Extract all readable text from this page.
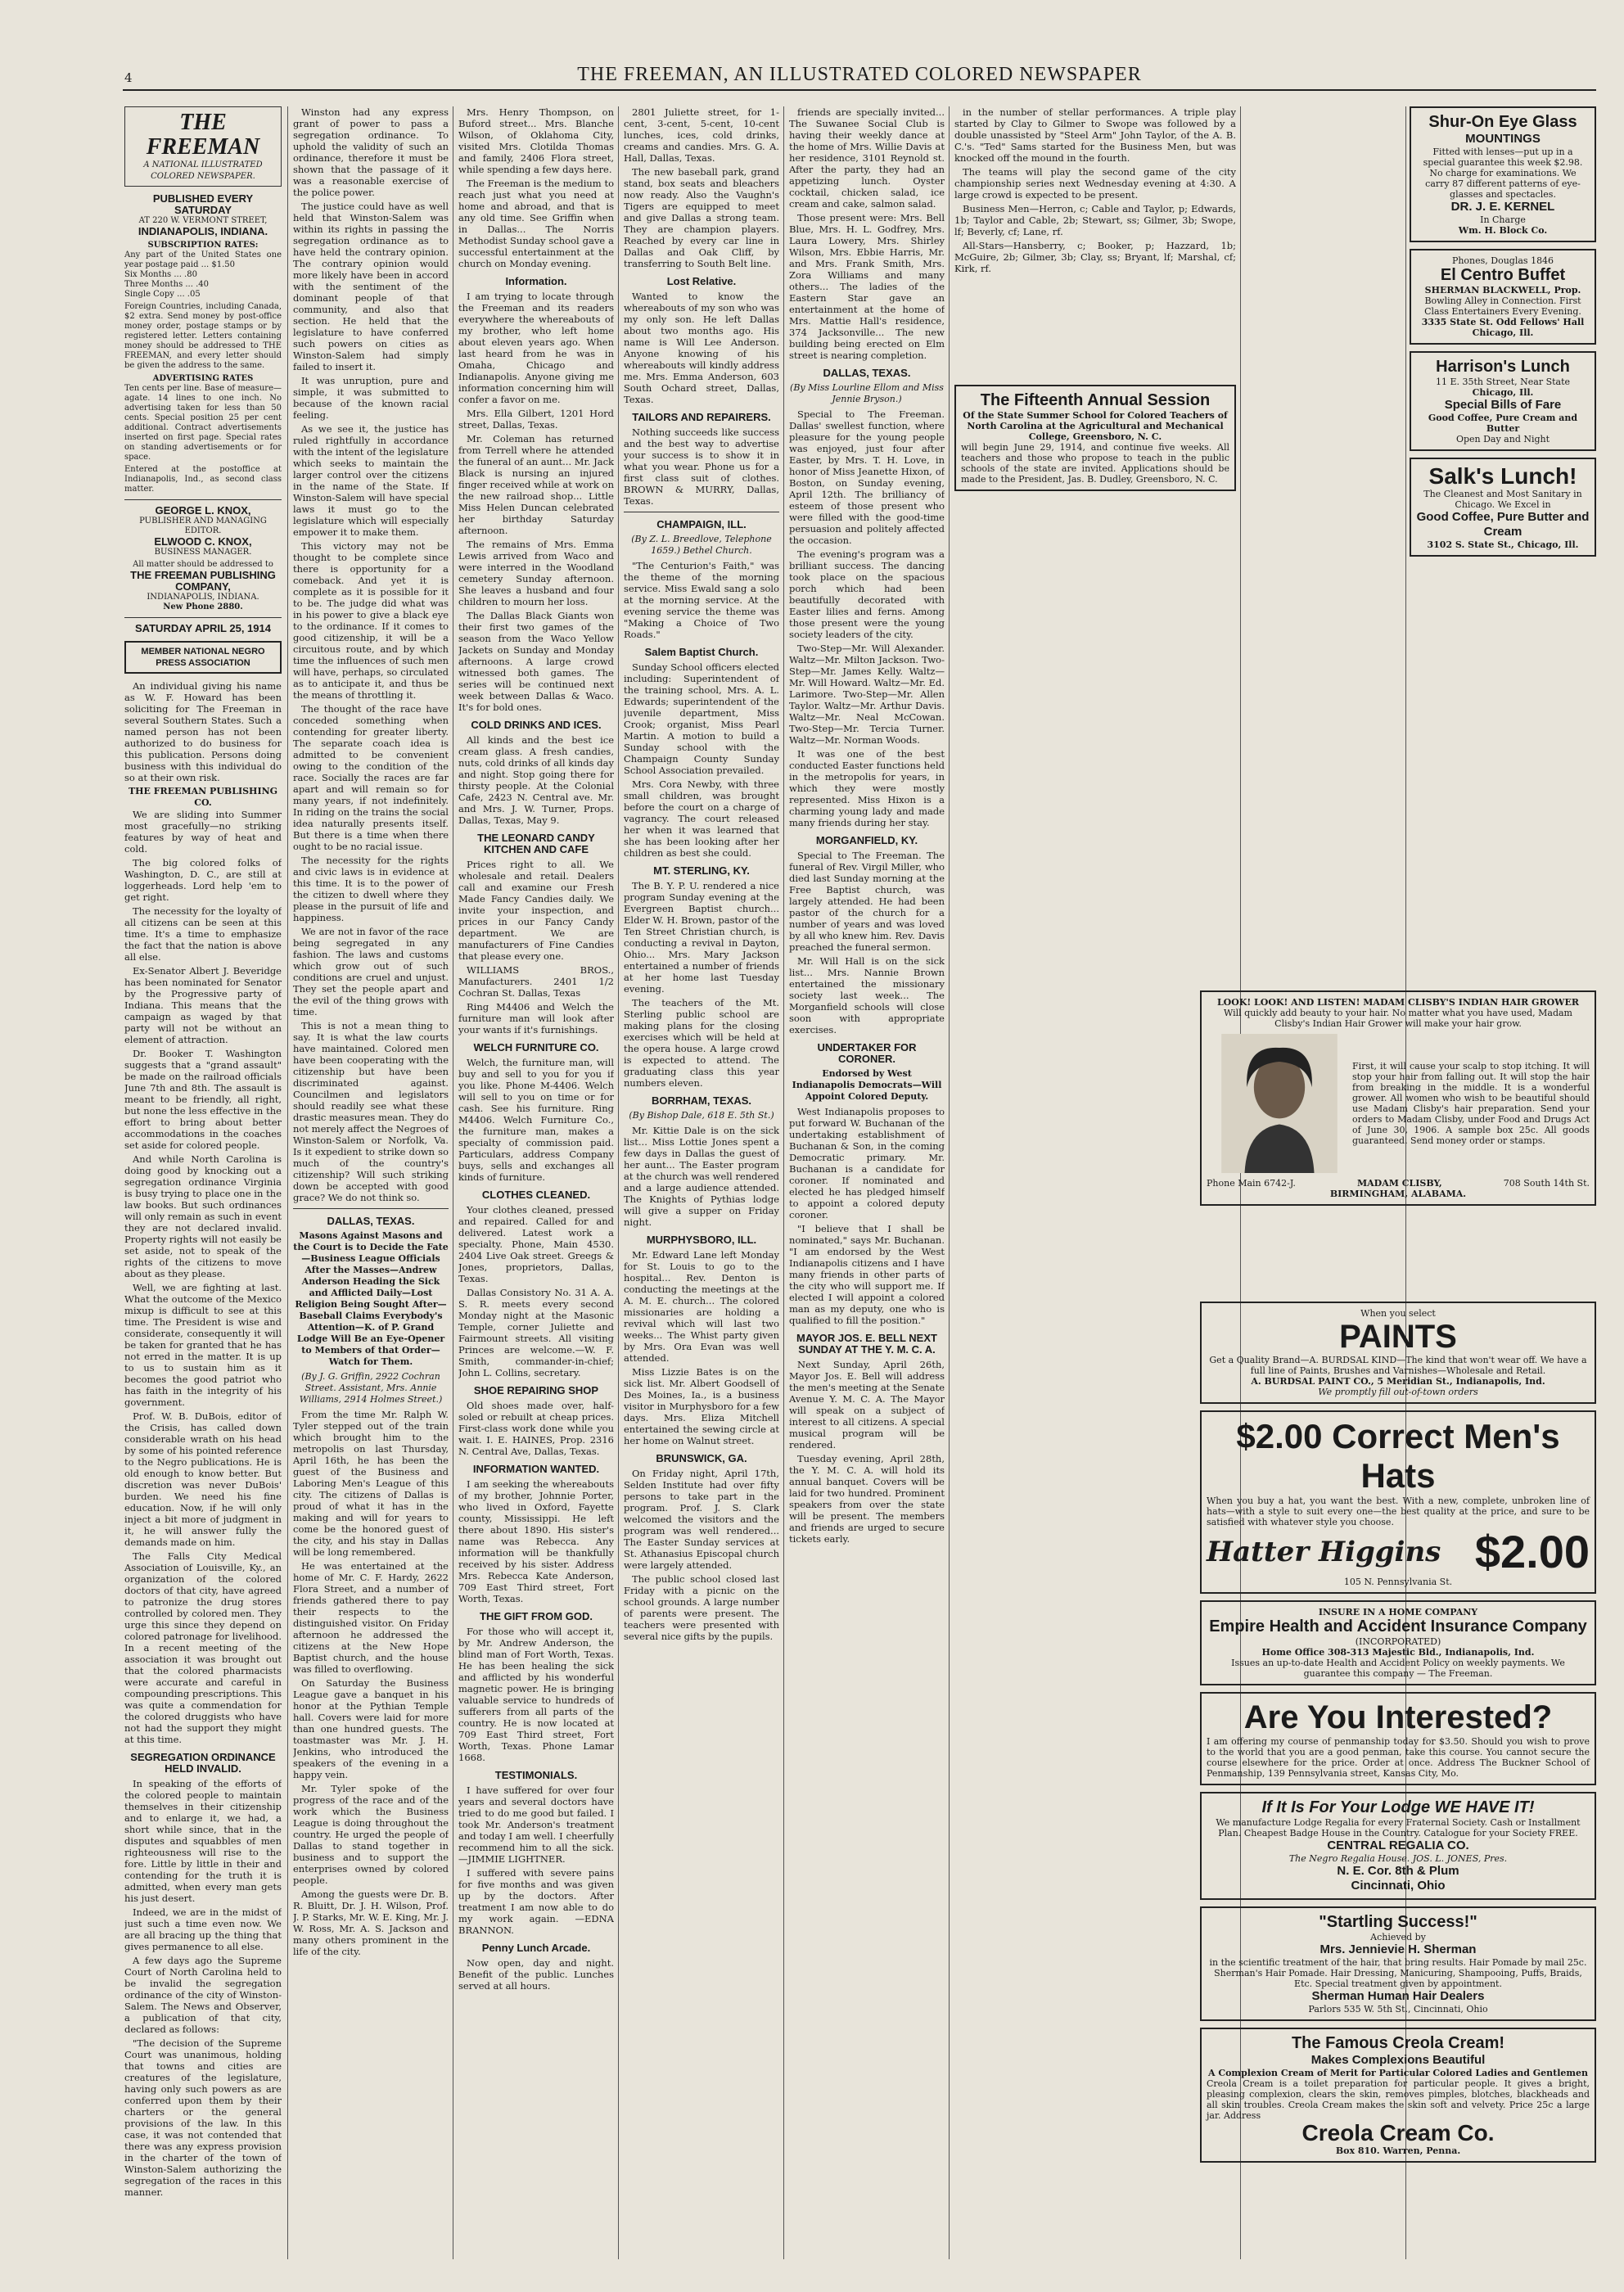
4	THE FREEMAN, AN ILLUSTRATED COLORED NEWSPAPER
THE FREEMAN
A NATIONAL ILLUSTRATED COLORED NEWSPAPER.
PUBLISHED EVERY SATURDAY
AT 220 W. VERMONT STREET,
INDIANAPOLIS, INDIANA.
SUBSCRIPTION RATES:
Any part of the United States one year postage paid ... $1.50
Six Months ... .80
Three Months ... .40
Single Copy ... .05
Foreign Countries, including Canada, $2 extra. Send money by post-office money order, postage stamps or by registered letter. Letters containing money should be addressed to THE FREEMAN, and every letter should be given the address to the same.
ADVERTISING RATES
Ten cents per line. Base of measure—agate. 14 lines to one inch. No advertising taken for less than 50 cents. Special position 25 per cent additional. Contract advertisements inserted on first page. Special rates on standing advertisements or for space.
Entered at the postoffice at Indianapolis, Ind., as second class matter.
GEORGE L. KNOX,
PUBLISHER AND MANAGING EDITOR.
ELWOOD C. KNOX,
BUSINESS MANAGER.
All matter should be addressed to
THE FREEMAN PUBLISHING COMPANY,
INDIANAPOLIS, INDIANA.
New Phone 2880.
SATURDAY APRIL 25, 1914
MEMBER NATIONAL NEGRO PRESS ASSOCIATION

An individual giving his name as W. F. Howard has been soliciting for The Freeman in several Southern States. Such a named person has not been authorized to do business for this publication. Persons doing business with this individual do so at their own risk.

THE FREEMAN PUBLISHING CO.

We are sliding into Summer most gracefully—no striking features by way of heat and cold.

The big colored folks of Washington, D. C., are still at loggerheads. Lord help 'em to get right.

The necessity for the loyalty of all citizens can be seen at this time. It's a time to emphasize the fact that the nation is above all else.

Ex-Senator Albert J. Beveridge has been nominated for Senator by the Progressive party of Indiana. This means that the campaign as waged by that party will not be without an element of attraction.

Dr. Booker T. Washington suggests that a "grand assault" be made on the railroad officials June 7th and 8th. The assault is meant to be friendly, all right, but none the less effective in the effort to bring about better accommodations in the coaches set aside for colored people.

And while North Carolina is doing good by knocking out a segregation ordinance Virginia is busy trying to place one in the law books. But such ordinances will only remain as such in event they are not declared invalid. Property rights will not easily be set aside, not to speak of the rights of the citizens to move about as they please.

Well, we are fighting at last. What the outcome of the Mexico mixup is difficult to see at this time. The President is wise and considerate, consequently it will be taken for granted that he has not erred in the matter. It is up to us to sustain him as it becomes the good patriot who has faith in the integrity of his government.

Prof. W. B. DuBois, editor of the Crisis, has called down considerable wrath on his head by some of his pointed reference to the Negro publications. He is old enough to know better. But discretion was never DuBois' burden. We need his fine education. Now, if he will only inject a bit more of judgment in it, he will answer fully the demands made on him.

The Falls City Medical Association of Louisville, Ky., an organization of the colored doctors of that city, have agreed to patronize the drug stores controlled by colored men. They urge this since they depend on colored patronage for livelihood. In a recent meeting of the association it was brought out that the colored pharmacists were accurate and careful in compounding prescriptions. This was quite a commendation for the colored druggists who have not had the support they might at this time.

SEGREGATION ORDINANCE HELD INVALID.

In speaking of the efforts of the colored people to maintain themselves in their citizenship and to enlarge it, we had, a short while since, that in the disputes and squabbles of men righteousness will rise to the fore. Little by little in their and contending for the truth it is admitted, when every man gets his just desert.

Indeed, we are in the midst of just such a time even now. We are all bracing up the thing that gives permanence to all else.

A few days ago the Supreme Court of North Carolina held to be invalid the segregation ordinance of the city of Winston-Salem. The News and Observer, a publication of that city, declared as follows:

"The decision of the Supreme Court was unanimous, holding that towns and cities are creatures of the legislature, having only such powers as are conferred upon them by their charters or the general provisions of the law. In this case, it was not contended that there was any express provision in the charter of the town of Winston-Salem authorizing the segregation of the races in this manner.

Winston had any express grant of power to pass a segregation ordinance. To uphold the validity of such an ordinance, therefore it must be shown that the passage of it was a reasonable exercise of the police power.

The justice could have as well held that Winston-Salem was within its rights in passing the segregation ordinance as to have held the contrary opinion. The contrary opinion would more likely have been in accord with the sentiment of the dominant people of that community, and also that section. He held that the legislature to have conferred such powers on cities as Winston-Salem had simply failed to insert it.

It was unruption, pure and simple, it was submitted to because of the known racial feeling.

As we see it, the justice has ruled rightfully in accordance with the intent of the legislature which seeks to maintain the larger control over the citizens in the name of the State. If Winston-Salem will have special laws it must go to the legislature which will especially empower it to make them.

This victory may not be thought to be complete since there is opportunity for a comeback. And yet it is complete as it is possible for it to be. The judge did what was in his power to give a black eye to the ordinance. If it comes to good citizenship, it will be a circuitous route, and by which time the influences of such men will have, perhaps, so circulated as to anticipate it, and thus be the means of throttling it.

The thought of the race have conceded something when contending for greater liberty. The separate coach idea is admitted to be convenient owing to the condition of the race. Socially the races are far apart and will remain so for many years, if not indefinitely. In riding on the trains the social idea naturally presents itself. But there is a time when there ought to be no racial issue.

The necessity for the rights and civic laws is in evidence at this time. It is to the power of the citizen to dwell where they please in the pursuit of life and happiness.

We are not in favor of the race being segregated in any fashion. The laws and customs which grow out of such conditions are cruel and unjust. They set the people apart and the evil of the thing grows with time.

This is not a mean thing to say. It is what the law courts have maintained. Colored men have been cooperating with the citizenship but have been discriminated against. Councilmen and legislators should readily see what these drastic measures mean. They do not merely affect the Negroes of Winston-Salem or Norfolk, Va. Is it expedient to strike down so much of the country's citizenship? Will such striking down be accepted with good grace? We do not think so.

DALLAS, TEXAS.
Masons Against Masons and the Court is to Decide the Fate—Business League Officials After the Masses—Andrew Anderson Heading the Sick and Afflicted Daily—Lost Religion Being Sought After—Baseball Claims Everybody's Attention—K. of P. Grand Lodge Will Be an Eye-Opener to Members of that Order—Watch for Them.
(By J. G. Griffin, 2922 Cochran Street. Assistant, Mrs. Annie Williams, 2914 Holmes Street.)

From the time Mr. Ralph W. Tyler stepped out of the train which brought him to the metropolis on last Thursday, April 16th, he has been the guest of the Business and Laboring Men's League of this city. The citizens of Dallas is proud of what it has in the making and will for years to come be the honored guest of the city, and his stay in Dallas will be long remembered.

He was entertained at the home of Mr. C. F. Hardy, 2622 Flora Street, and a number of friends gathered there to pay their respects to the distinguished visitor. On Friday afternoon he addressed the citizens at the New Hope Baptist church, and the house was filled to overflowing.

On Saturday the Business League gave a banquet in his honor at the Pythian Temple hall. Covers were laid for more than one hundred guests. The toastmaster was Mr. J. H. Jenkins, who introduced the speakers of the evening in a happy vein.

Mr. Tyler spoke of the progress of the race and of the work which the Business League is doing throughout the country. He urged the people of Dallas to stand together in business and to support the enterprises owned by colored people.

Among the guests were Dr. B. R. Bluitt, Dr. J. H. Wilson, Prof. J. P. Starks, Mr. W. E. King, Mr. J. W. Ross, Mr. A. S. Jackson and many others prominent in the life of the city.

Mrs. Henry Thompson, on Buford street... Mrs. Blanche Wilson, of Oklahoma City, visited Mrs. Clotilda Thomas and family, 2406 Flora street, while spending a few days here.

The Freeman is the medium to reach just what you need at home and abroad, and that is any old time. See Griffin when in Dallas... The Norris Methodist Sunday school gave a successful entertainment at the church on Monday evening.

Information.

I am trying to locate through the Freeman and its readers everywhere the whereabouts of my brother, who left home about eleven years ago. When last heard from he was in Omaha, Chicago and Indianapolis. Anyone giving me information concerning him will confer a favor on me.

Mrs. Ella Gilbert, 1201 Hord street, Dallas, Texas.

Mr. Coleman has returned from Terrell where he attended the funeral of an aunt... Mr. Jack Black is nursing an injured finger received while at work on the new railroad shop... Little Miss Helen Duncan celebrated her birthday Saturday afternoon.

The remains of Mrs. Emma Lewis arrived from Waco and were interred in the Woodland cemetery Sunday afternoon. She leaves a husband and four children to mourn her loss.

The Dallas Black Giants won their first two games of the season from the Waco Yellow Jackets on Sunday and Monday afternoons. A large crowd witnessed both games. The series will be continued next week between Dallas & Waco. It's for bold ones.

COLD DRINKS AND ICES.

All kinds and the best ice cream glass. A fresh candies, nuts, cold drinks of all kinds day and night. Stop going there for thirsty people. At the Colonial Cafe, 2423 N. Central ave. Mr. and Mrs. J. W. Turner, Props. Dallas, Texas, May 9.

THE LEONARD CANDY KITCHEN AND CAFE

Prices right to all. We wholesale and retail. Dealers call and examine our Fresh Made Fancy Candies daily. We invite your inspection, and prices in our Fancy Candy department. We are manufacturers of Fine Candies that please every one.

WILLIAMS BROS., Manufacturers. 2401 1/2 Cochran St. Dallas, Texas

Ring M4406 and Welch the furniture man will look after your wants if it's furnishings.

WELCH FURNITURE CO.

Welch, the furniture man, will buy and sell to you for you if you like. Phone M-4406. Welch will sell to you on time or for cash. See his furniture. Ring M4406. Welch Furniture Co., the furniture man, makes a specialty of commission paid. Particulars, address Company buys, sells and exchanges all kinds of furniture.

CLOTHES CLEANED.

Your clothes cleaned, pressed and repaired. Called for and delivered. Latest work a specialty. Phone, Main 4530. 2404 Live Oak street. Greegs & Jones, proprietors, Dallas, Texas.

Dallas Consistory No. 31 A. A. S. R. meets every second Monday night at the Masonic Temple, corner Juliette and Fairmount streets. All visiting Princes are welcome.—W. F. Smith, commander-in-chief; John L. Collins, secretary.

SHOE REPAIRING SHOP

Old shoes made over, half-soled or rebuilt at cheap prices. First-class work done while you wait. I. E. HAINES, Prop. 2316 N. Central Ave, Dallas, Texas.

INFORMATION WANTED.

I am seeking the whereabouts of my brother, Johnnie Porter, who lived in Oxford, Fayette county, Mississippi. He left there about 1890. His sister's name was Rebecca. Any information will be thankfully received by his sister. Address Mrs. Rebecca Kate Anderson, 709 East Third street, Fort Worth, Texas.

THE GIFT FROM GOD.

For those who will accept it, by Mr. Andrew Anderson, the blind man of Fort Worth, Texas. He has been healing the sick and afflicted by his wonderful magnetic power. He is bringing valuable service to hundreds of sufferers from all parts of the country. He is now located at 709 East Third street, Fort Worth, Texas. Phone Lamar 1668.

TESTIMONIALS.

I have suffered for over four years and several doctors have tried to do me good but failed. I took Mr. Anderson's treatment and today I am well. I cheerfully recommend him to all the sick. —JIMMIE LIGHTNER.

I suffered with severe pains for five months and was given up by the doctors. After treatment I am now able to do my work again. —EDNA BRANNON.

Penny Lunch Arcade.

Now open, day and night. Benefit of the public. Lunches served at all hours.

2801 Juliette street, for 1-cent, 3-cent, 5-cent, 10-cent lunches, ices, cold drinks, creams and candies. Mrs. G. A. Hall, Dallas, Texas.

The new baseball park, grand stand, box seats and bleachers now ready. Also the Vaughn's Tigers are equipped to meet and give Dallas a strong team. They are champion players. Reached by every car line in Dallas and Oak Cliff, by transferring to South Belt line.

Lost Relative.

Wanted to know the whereabouts of my son who was my only son. He left Dallas about two months ago. His name is Will Lee Anderson. Anyone knowing of his whereabouts will kindly address me. Mrs. Emma Anderson, 603 South Ochard street, Dallas, Texas.

TAILORS AND REPAIRERS.

Nothing succeeds like success and the best way to advertise your success is to show it in what you wear. Phone us for a first class suit of clothes. BROWN & MURRY, Dallas, Texas.

CHAMPAIGN, ILL.
(By Z. L. Breedlove, Telephone 1659.) Bethel Church.

"The Centurion's Faith," was the theme of the morning service. Miss Ewald sang a solo at the morning service. At the evening service the theme was "Making a Choice of Two Roads."

Salem Baptist Church.

Sunday School officers elected including: Superintendent of the training school, Mrs. A. L. Edwards; superintendent of the juvenile department, Miss Crook; organist, Miss Pearl Martin. A motion to build a Sunday school with the Champaign County Sunday School Association prevailed.

Mrs. Cora Newby, with three small children, was brought before the court on a charge of vagrancy. The court released her when it was learned that she has been looking after her children as best she could.

MT. STERLING, KY.

The B. Y. P. U. rendered a nice program Sunday evening at the Evergreen Baptist church... Elder W. H. Brown, pastor of the Ten Street Christian church, is conducting a revival in Dayton, Ohio... Mrs. Mary Jackson entertained a number of friends at her home last Tuesday evening.

The teachers of the Mt. Sterling public school are making plans for the closing exercises which will be held at the opera house. A large crowd is expected to attend. The graduating class this year numbers eleven.

BORRHAM, TEXAS.
(By Bishop Dale, 618 E. 5th St.)

Mr. Kittie Dale is on the sick list... Miss Lottie Jones spent a few days in Dallas the guest of her aunt... The Easter program at the church was well rendered and a large audience attended. The Knights of Pythias lodge will give a supper on Friday night.

MURPHYSBORO, ILL.

Mr. Edward Lane left Monday for St. Louis to go to the hospital... Rev. Denton is conducting the meetings at the A. M. E. church... The colored missionaries are holding a revival which will last two weeks... The Whist party given by Mrs. Ora Evan was well attended.

Miss Lizzie Bates is on the sick list. Mr. Albert Goodsell of Des Moines, Ia., is a business visitor in Murphysboro for a few days. Mrs. Eliza Mitchell entertained the sewing circle at her home on Walnut street.

BRUNSWICK, GA.

On Friday night, April 17th, Selden Institute had over fifty persons to take part in the program. Prof. J. S. Clark welcomed the visitors and the program was well rendered... The Easter Sunday services at St. Athanasius Episcopal church were largely attended.

The public school closed last Friday with a picnic on the school grounds. A large number of parents were present. The teachers were presented with several nice gifts by the pupils.

friends are specially invited... The Suwanee Social Club is having their weekly dance at the home of Mrs. Willie Davis at her residence, 3101 Reynold st. After the party, they had an appetizing lunch. Oyster cocktail, chicken salad, ice cream and cake, salmon salad.

Those present were: Mrs. Bell Blue, Mrs. H. L. Godfrey, Mrs. Laura Lowery, Mrs. Shirley Wilson, Mrs. Ebbie Harris, Mr. and Mrs. Frank Smith, Mrs. Zora Williams and many others... The ladies of the Eastern Star gave an entertainment at the home of Mrs. Mattie Hall's residence, 374 Jacksonville... The new building being erected on Elm street is nearing completion.

DALLAS, TEXAS.
(By Miss Lourline Ellom and Miss Jennie Bryson.)

Special to The Freeman. Dallas' swellest function, where pleasure for the young people was enjoyed, just four after Easter, by Mrs. T. H. Love, in honor of Miss Jeanette Hixon, of Boston, on Sunday evening, April 12th. The brilliancy of esteem of those present who were filled with the good-time persuasion and politely affected the occasion.

The evening's program was a brilliant success. The dancing took place on the spacious porch which had been beautifully decorated with Easter lilies and ferns. Among those present were the young society leaders of the city.

Two-Step—Mr. Will Alexander. Waltz—Mr. Milton Jackson. Two-Step—Mr. James Kelly. Waltz—Mr. Will Howard. Waltz—Mr. Ed. Larimore. Two-Step—Mr. Allen Taylor. Waltz—Mr. Arthur Davis. Waltz—Mr. Neal McCowan. Two-Step—Mr. Tercia Turner. Waltz—Mr. Norman Woods.

It was one of the best conducted Easter functions held in the metropolis for years, in which they were mostly represented. Miss Hixon is a charming young lady and made many friends during her stay.

MORGANFIELD, KY.

Special to The Freeman. The funeral of Rev. Virgil Miller, who died last Sunday morning at the Free Baptist church, was largely attended. He had been pastor of the church for a number of years and was loved by all who knew him. Rev. Davis preached the funeral sermon.

Mr. Will Hall is on the sick list... Mrs. Nannie Brown entertained the missionary society last week... The Morganfield schools will close soon with appropriate exercises.

UNDERTAKER FOR CORONER.
Endorsed by West Indianapolis Democrats—Will Appoint Colored Deputy.

West Indianapolis proposes to put forward W. Buchanan of the undertaking establishment of Buchanan & Son, in the coming Democratic primary. Mr. Buchanan is a candidate for coroner. If nominated and elected he has pledged himself to appoint a colored deputy coroner.

"I believe that I shall be nominated," says Mr. Buchanan. "I am endorsed by the West Indianapolis citizens and I have many friends in other parts of the city who will support me. If elected I will appoint a colored man as my deputy, one who is qualified to fill the position."

MAYOR JOS. E. BELL NEXT SUNDAY AT THE Y. M. C. A.

Next Sunday, April 26th, Mayor Jos. E. Bell will address the men's meeting at the Senate Avenue Y. M. C. A. The Mayor will speak on a subject of interest to all citizens. A special musical program will be rendered.

Tuesday evening, April 28th, the Y. M. C. A. will hold its annual banquet. Covers will be laid for two hundred. Prominent speakers from over the state will be present. The members and friends are urged to secure tickets early.

in the number of stellar performances. A triple play started by Clay to Gilmer to Swope was followed by a double unassisted by "Steel Arm" John Taylor, of the A. B. C.'s. "Ted" Sams started for the Business Men, but was knocked off the mound in the fourth.

The teams will play the second game of the city championship series next Wednesday evening at 4:30. A large crowd is expected to be present.

Business Men—Herron, c; Cable and Taylor, p; Edwards, 1b; Taylor and Cable, 2b; Stewart, ss; Gilmer, 3b; Swope, lf; Beverly, cf; Lane, rf.

All-Stars—Hansberry, c; Booker, p; Hazzard, 1b; McGuire, 2b; Gilmer, 3b; Clay, ss; Bryant, lf; Marshal, cf; Kirk, rf.

The Fifteenth Annual Session
Of the State Summer School for Colored Teachers of North Carolina at the Agricultural and Mechanical College, Greensboro, N. C.
will begin June 29, 1914, and continue five weeks. All teachers and those who propose to teach in the public schools of the state are invited. Applications should be made to the President, Jas. B. Dudley, Greensboro, N. C.
Shur-On Eye Glass
MOUNTINGS
Fitted with lenses—put up in a special guarantee this week $2.98. No charge for examinations. We carry 87 different patterns of eye-glasses and spectacles.
DR. J. E. KERNEL
In Charge
Wm. H. Block Co.
Phones, Douglas 1846
El Centro Buffet
SHERMAN BLACKWELL, Prop.
Bowling Alley in Connection. First Class Entertainers Every Evening.
3335 State St. Odd Fellows' Hall Chicago, Ill.
Harrison's Lunch
11 E. 35th Street, Near State
Chicago, Ill.
Special Bills of Fare
Good Coffee, Pure Cream and Butter
Open Day and Night
Salk's Lunch!
The Cleanest and Most Sanitary in Chicago. We Excel in
Good Coffee, Pure Butter and Cream
3102 S. State St., Chicago, Ill.
LOOK! LOOK! AND LISTEN! MADAM CLISBY'S INDIAN HAIR GROWER
Will quickly add beauty to your hair. No matter what you have used, Madam Clisby's Indian Hair Grower will make your hair grow.
First, it will cause your scalp to stop itching. It will stop your hair from falling out. It will stop the hair from breaking in the middle. It is a wonderful grower. All women who wish to be beautiful should use Madam Clisby's hair preparation. Send your orders to Madam Clisby, under Food and Drugs Act of June 30, 1906. A sample box 25c. All goods guaranteed. Send money order or stamps.
Phone Main 6742-J.	MADAM CLISBY,	708 South 14th St.
BIRMINGHAM, ALABAMA.
When you select
PAINTS
Get a Quality Brand—A. BURDSAL KIND—The kind that won't wear off. We have a full line of Paints, Brushes and Varnishes—Wholesale and Retail.
A. BURDSAL PAINT CO., 5 Meridian St., Indianapolis, Ind.
We promptly fill out-of-town orders
$2.00 Correct Men's Hats
When you buy a hat, you want the best. With a new, complete, unbroken line of hats—with a style to suit every one—the best quality at the price, and sure to be satisfied with whatever style you choose.
Hatter Higgins $2.00
105 N. Pennsylvania St.
INSURE IN A HOME COMPANY
Empire Health and Accident Insurance Company
(INCORPORATED)
Home Office 308-313 Majestic Bld., Indianapolis, Ind.
Issues an up-to-date Health and Accident Policy on weekly payments. We guarantee this company — The Freeman.
Are You Interested?
I am offering my course of penmanship today for $3.50. Should you wish to prove to the world that you are a good penman, take this course. You cannot secure the course elsewhere for the price. Order at once. Address The Buckner School of Penmanship, 139 Pennsylvania street, Kansas City, Mo.
If It Is For Your Lodge WE HAVE IT!
We manufacture Lodge Regalia for every Fraternal Society. Cash or Installment Plan. Cheapest Badge House in the Country. Catalogue for your Society FREE.
CENTRAL REGALIA CO.
The Negro Regalia House. JOS. L. JONES, Pres.
N. E. Cor. 8th & Plum
Cincinnati, Ohio
"Startling Success!"
Achieved by
Mrs. Jennievie H. Sherman
in the scientific treatment of the hair, that bring results. Hair Pomade by mail 25c. Sherman's Hair Pomade. Hair Dressing, Manicuring, Shampooing, Puffs, Braids, Etc. Special treatment given by appointment.
Sherman Human Hair Dealers
Parlors 535 W. 5th St., Cincinnati, Ohio
The Famous Creola Cream!
Makes Complexions Beautiful
A Complexion Cream of Merit for Particular Colored Ladies and Gentlemen
Creola Cream is a toilet preparation for particular people. It gives a bright, pleasing complexion, clears the skin, removes pimples, blotches, blackheads and all skin troubles. Creola Cream makes the skin soft and velvety. Price 25c a large jar. Address
Creola Cream Co.
Box 810. Warren, Penna.
